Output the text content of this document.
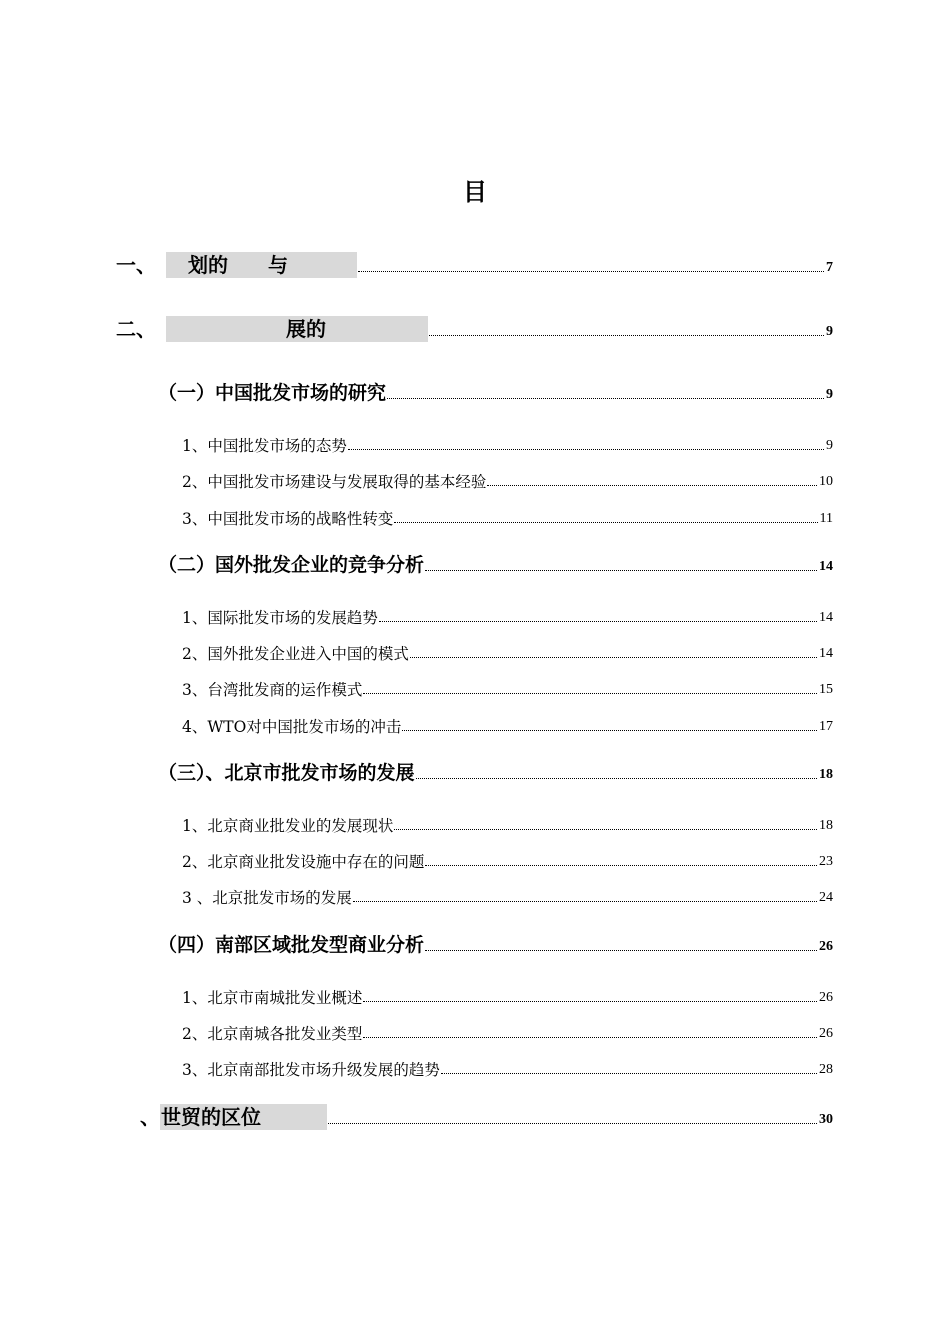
目
一、	划的　　与	7
二、	展的	9
（一）中国批发市场的研究	9
1、中国批发市场的态势	9
2、中国批发市场建设与发展取得的基本经验	10
3、中国批发市场的战略性转变	11
（二）国外批发企业的竞争分析	14
1、国际批发市场的发展趋势	14
2、国外批发企业进入中国的模式	14
3、台湾批发商的运作模式	15
4、WTO对中国批发市场的冲击	17
（三）、北京市批发市场的发展	18
1、北京商业批发业的发展现状	18
2、北京商业批发设施中存在的问题	23
3 、北京批发市场的发展	24
（四）南部区域批发型商业分析	26
1、北京市南城批发业概述	26
2、北京南城各批发业类型	26
3、北京南部批发市场升级发展的趋势	28
、 世贸的区位	30
